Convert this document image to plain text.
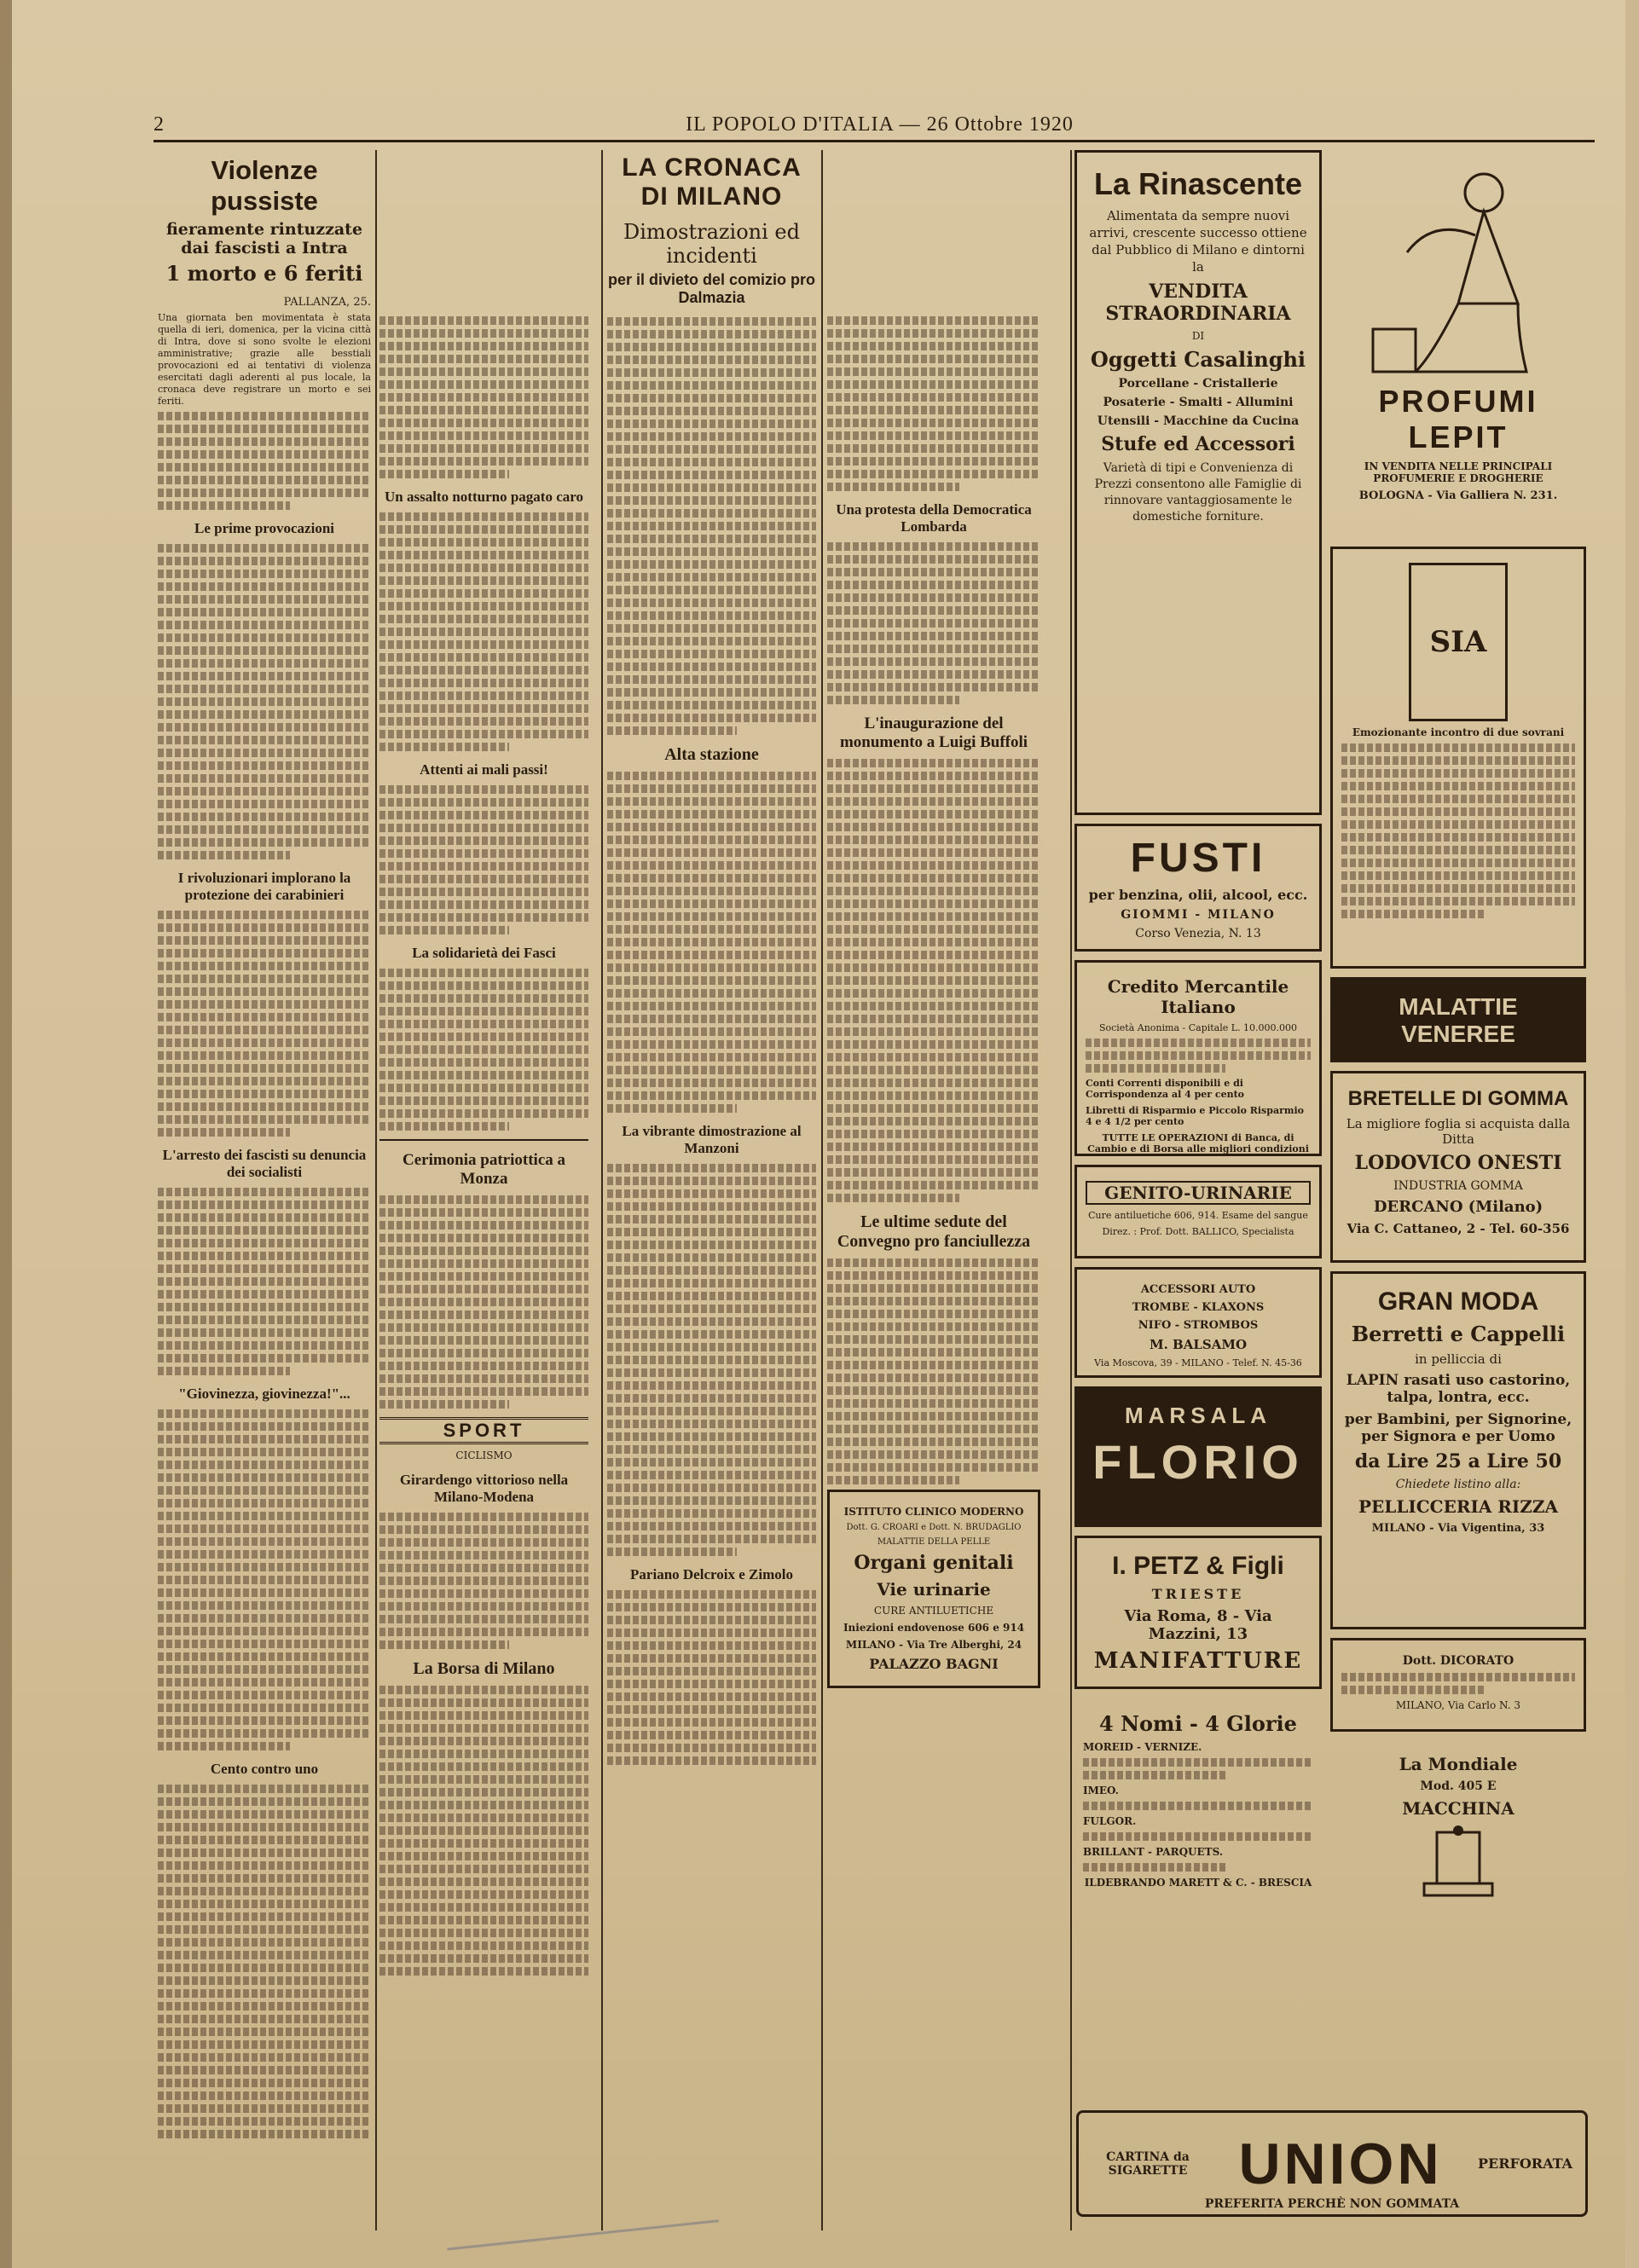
2	IL POPOLO D'ITALIA — 26 Ottobre 1920
Violenze pussiste
fieramente rintuzzate dai fascisti a Intra
1 morto e 6 feriti

PALLANZA, 25.

Una giornata ben movimentata è stata quella di ieri, domenica, per la vicina città di Intra, dove si sono svolte le elezioni amministrative; grazie alle besstiali provocazioni ed ai tentativi di violenza esercitati dagli aderenti al pus locale, la cronaca deve registrare un morto e sei feriti.

Le prime provocazioni
I rivoluzionari implorano la protezione dei carabinieri
L'arresto dei fascisti su denuncia dei socialisti
"Giovinezza, giovinezza!"...
Cento contro uno
Un assalto notturno pagato caro
Attenti ai mali passi!
La solidarietà dei Fasci
Cerimonia patriottica a Monza
SPORT
CICLISMO
Girardengo vittorioso nella Milano-Modena
La Borsa di Milano
LA CRONACA DI MILANO
Dimostrazioni ed incidenti
per il divieto del comizio pro Dalmazia
Alta stazione
La vibrante dimostrazione al Manzoni
Pariano Delcroix e Zimolo
Una protesta della Democratica Lombarda
L'inaugurazione del monumento a Luigi Buffoli
Le ultime sedute del Convegno pro fanciullezza

ISTITUTO CLINICO MODERNO

Dott. G. CROARI e Dott. N. BRUDAGLIO

MALATTIE DELLA PELLE

Organi genitali

Vie urinarie

CURE ANTILUETICHE

Iniezioni endovenose 606 e 914

MILANO - Via Tre Alberghi, 24

PALAZZO BAGNI

La Rinascente

Alimentata da sempre nuovi arrivi, crescente successo ottiene dal Pubblico di Milano e dintorni la

VENDITA STRAORDINARIA

DI

Oggetti Casalinghi

Porcellane - Cristallerie

Posaterie - Smalti - Allumini

Utensili - Macchine da Cucina

Stufe ed Accessori

Varietà di tipi e Convenienza di Prezzi consentono alle Famiglie di rinnovare vantaggiosamente le domestiche forniture.

FUSTI

per benzina, olii, alcool, ecc.

GIOMMI - MILANO

Corso Venezia, N. 13

Credito Mercantile Italiano

Società Anonima - Capitale L. 10.000.000

Conti Correnti disponibili e di Corrispondenza al 4 per cento

Libretti di Risparmio e Piccolo Risparmio 4 e 4 1/2 per cento

TUTTE LE OPERAZIONI di Banca, di Cambio e di Borsa alle migliori condizioni

GENITO-URINARIE

Cure antiluetiche 606, 914. Esame del sangue

Direz. : Prof. Dott. BALLICO, Specialista

ACCESSORI AUTO

TROMBE - KLAXONS

NIFO - STROMBOS

M. BALSAMO

Via Moscova, 39 - MILANO - Telef. N. 45-36

MARSALA

FLORIO

I. PETZ & Figli

TRIESTE

Via Roma, 8 - Via Mazzini, 13

MANIFATTURE

4 Nomi - 4 Glorie

MOREID - VERNIZE.

IMEO.

FULGOR.

BRILLANT - PARQUETS.

ILDEBRANDO MARETT & C. - BRESCIA

PROFUMI LEPIT

IN VENDITA NELLE PRINCIPALI PROFUMERIE E DROGHERIE

BOLOGNA - Via Galliera N. 231.

SIA

Emozionante incontro di due sovrani

MALATTIE VENEREE

BRETELLE DI GOMMA

La migliore foglia si acquista dalla Ditta

LODOVICO ONESTI

INDUSTRIA GOMMA

DERCANO (Milano)

Via C. Cattaneo, 2 - Tel. 60-356

GRAN MODA

Berretti e Cappelli

in pelliccia di

LAPIN rasati uso castorino, talpa, lontra, ecc.

per Bambini, per Signorine, per Signora e per Uomo

da Lire 25 a Lire 50

Chiedete listino alla:

PELLICCERIA RIZZA

MILANO - Via Vigentina, 33

Dott. DICORATO

MILANO, Via Carlo N. 3

La Mondiale

Mod. 405 E

MACCHINA

CARTINA da SIGARETTE UNION	PERFORATA
PREFERITA PERCHÈ NON GOMMATA
